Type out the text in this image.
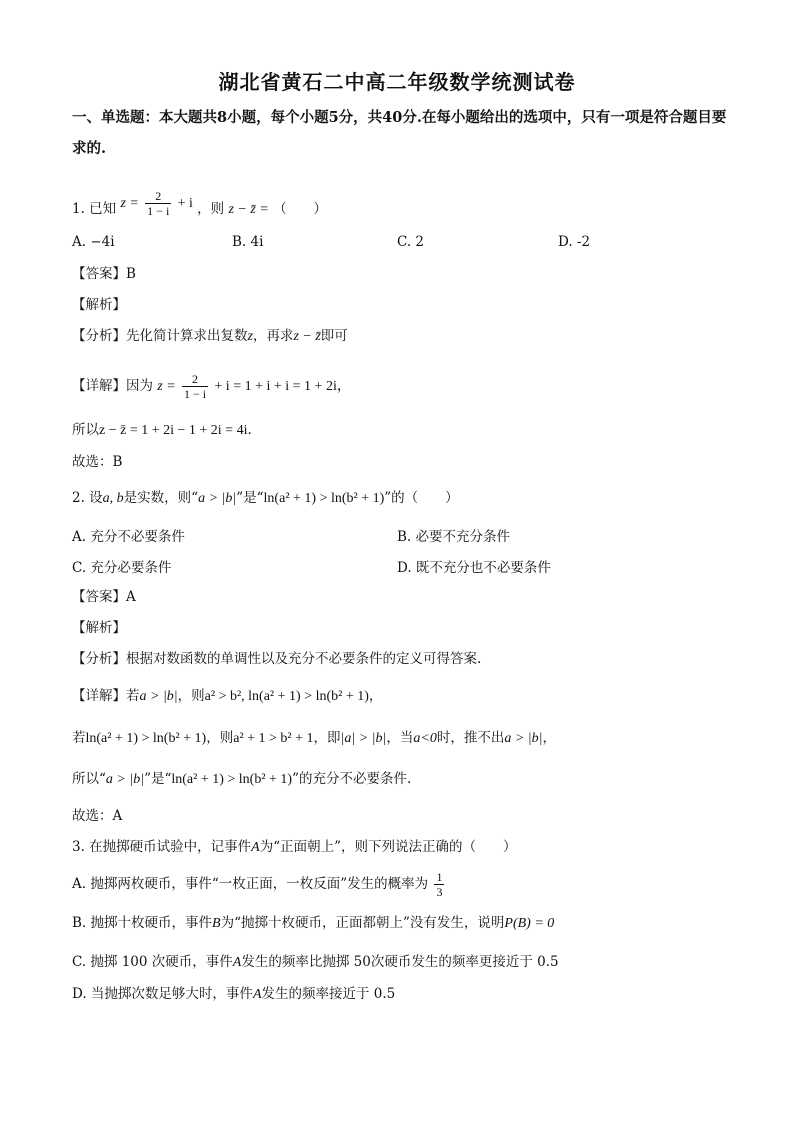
湖北省黄石二中高二年级数学统测试卷
一、单选题：本大题共8小题，每个小题5分，共40分.在每小题给出的选项中，只有一项是符合题目要求的.
1. 已知 $z = \frac{2}{1 - i} + i$ ，则 z − z̄ = （　　）
A. −4i	B. 4i	C. 2	D. -2
【答案】B
【解析】
【分析】先化简计算求出复数z，再求z − z̄即可
【详解】因为 $z = \frac{2}{1 - i} + i = 1 + i + i = 1 + 2i$，
所以z − z̄ = 1 + 2i − 1 + 2i = 4i.
故选：B
2. 设a, b是实数，则“a > |b|”是“ln(a² + 1) > ln(b² + 1)”的（　　）
A. 充分不必要条件	B. 必要不充分条件
C. 充分必要条件	D. 既不充分也不必要条件
【答案】A
【解析】
【分析】根据对数函数的单调性以及充分不必要条件的定义可得答案.
【详解】若a > |b|，则a² > b², ln(a² + 1) > ln(b² + 1)，
若ln(a² + 1) > ln(b² + 1)，则a² + 1 > b² + 1，即|a| > |b|，当a<0时，推不出a > |b|，
所以“a > |b|”是“ln(a² + 1) > ln(b² + 1)”的充分不必要条件.
故选：A
3. 在抛掷硬币试验中，记事件A为“正面朝上”，则下列说法正确的（　　）
A. 抛掷两枚硬币，事件“一枚正面，一枚反面”发生的概率为 $\frac{1}{3}$
B. 抛掷十枚硬币，事件B为“抛掷十枚硬币，正面都朝上”没有发生，说明P(B) = 0
C. 抛掷 100 次硬币，事件A发生的频率比抛掷 50次硬币发生的频率更接近于 0.5
D. 当抛掷次数足够大时，事件A发生的频率接近于 0.5
